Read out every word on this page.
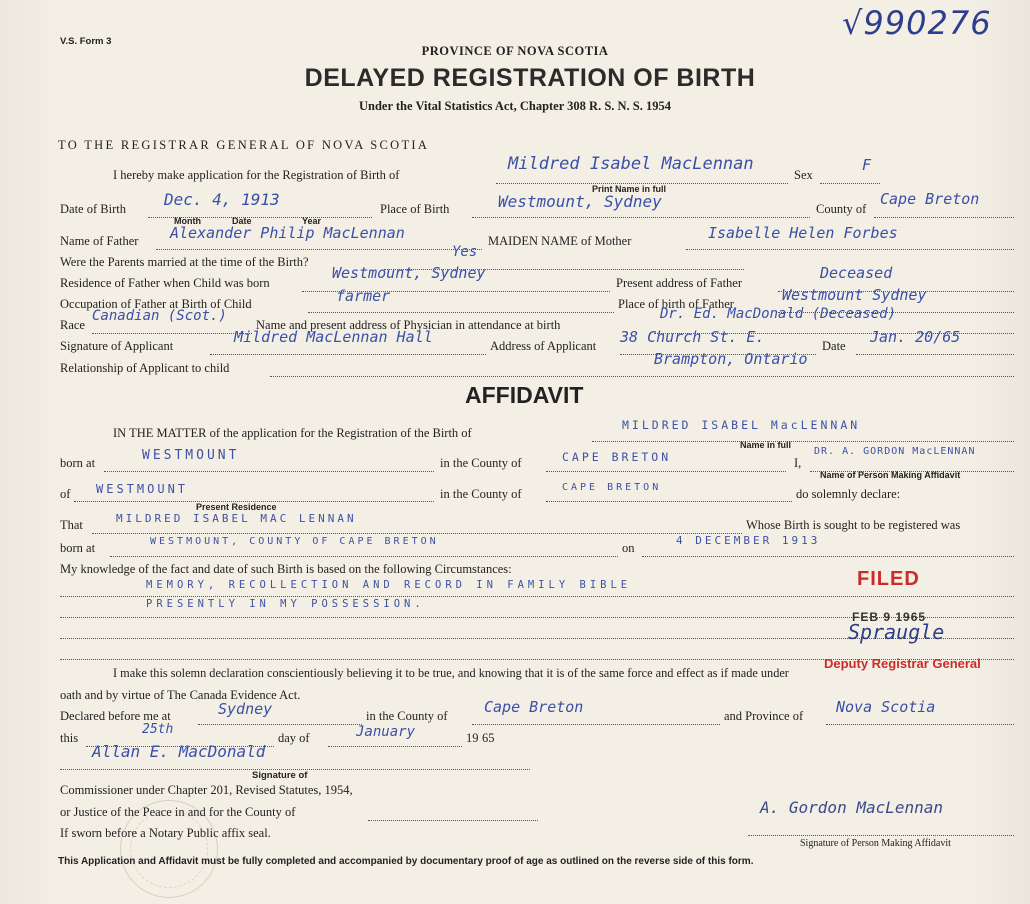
V.S. Form 3	√990276
PROVINCE OF NOVA SCOTIA
DELAYED REGISTRATION OF BIRTH
Under the Vital Statistics Act, Chapter 308 R. S. N. S. 1954
TO THE REGISTRAR GENERAL OF NOVA SCOTIA
I hereby make application for the Registration of Birth of
Mildred Isabel MacLennan
Sex
F
Print Name in full
Date of Birth Dec. 4, 1913
Month	Date	Year
Place of Birth	Westmount, Sydney	County of
Cape Breton
Name of Father Alexander Philip MacLennan	MAIDEN NAME of Mother	Isabelle Helen Forbes
Were the Parents married at the time of the Birth?
Yes
Residence of Father when Child was born
Westmount, Sydney
Present address of Father
Deceased
Occupation of Father at Birth of Child	farmer	Place of birth of Father	Westmount Sydney
Race
Canadian (Scot.)
Name and present address of Physician in attendance at birth
Dr. Ed. MacDonald (Deceased)
Signature of Applicant	Mildred MacLennan Hall	Address of Applicant 38 Church St. E.	Date Jan. 20/65
Relationship of Applicant to child	Brampton, Ontario
AFFIDAVIT
IN THE MATTER of the application for the Registration of the Birth of
MILDRED ISABEL MacLENNAN
Name in full
born at	WESTMOUNT	in the County of	CAPE BRETON	I,
DR. A. GORDON MacLENNAN
Name of Person Making Affidavit
of WESTMOUNT
Present Residence
in the County of	CAPE BRETON	do solemnly declare:
That	MILDRED ISABEL MAC LENNAN	Whose Birth is sought to be registered was
born at	WESTMOUNT, COUNTY OF CAPE BRETON	on
4 DECEMBER 1913
My knowledge of the fact and date of such Birth is based on the following Circumstances:
MEMORY, RECOLLECTION AND RECORD IN FAMILY BIBLE
PRESENTLY IN MY POSSESSION.
I make this solemn declaration conscientiously believing it to be true, and knowing that it is of the same force and effect as if made under
oath and by virtue of The Canada Evidence Act.
Declared before me at	Sydney	in the County of Cape Breton	and Province of Nova Scotia
this
25th
day of	January	19 65
Allan E. MacDonald
Signature of
Commissioner under Chapter 201, Revised Statutes, 1954,
or Justice of the Peace in and for the County of
If sworn before a Notary Public affix seal.
A. Gordon MacLennan
Signature of Person Making Affidavit
FILED
FEB 9 1965
Spraugle
Deputy Registrar General
This Application and Affidavit must be fully completed and accompanied by documentary proof of age as outlined on the reverse side of this form.
